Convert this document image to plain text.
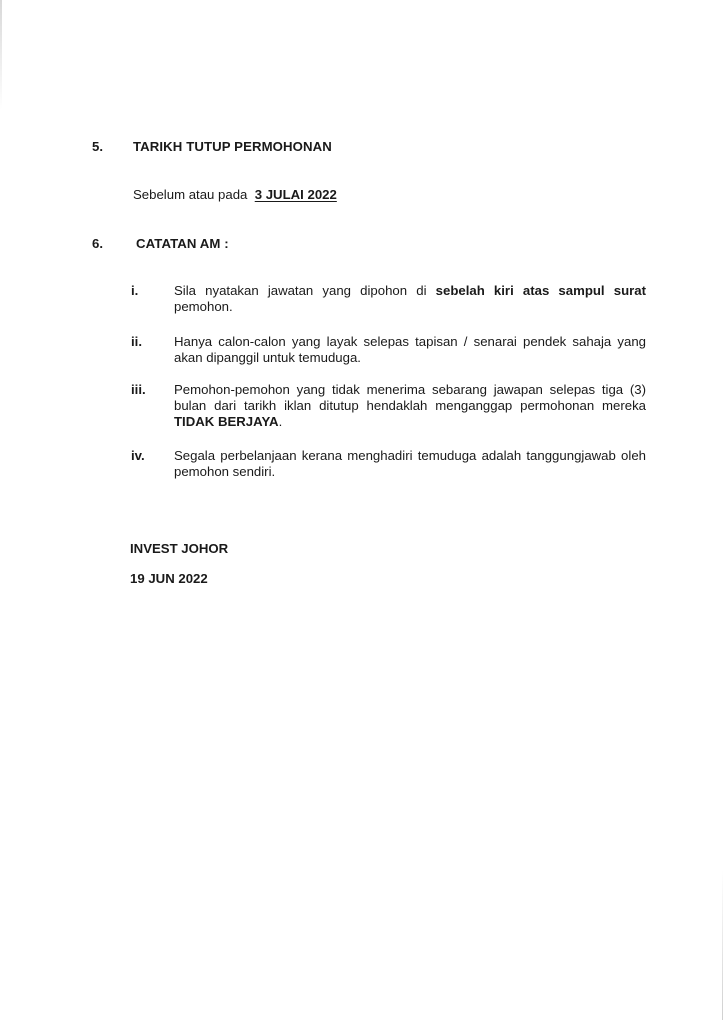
5. TARIKH TUTUP PERMOHONAN
Sebelum atau pada 3 JULAI 2022
6.	CATATAN AM :
i.	Sila nyatakan jawatan yang dipohon di sebelah kiri atas sampul surat pemohon.
ii. Hanya calon-calon yang layak selepas tapisan / senarai pendek sahaja yang akan dipanggil untuk temuduga.
iii. Pemohon-pemohon yang tidak menerima sebarang jawapan selepas tiga (3) bulan dari tarikh iklan ditutup hendaklah menganggap permohonan mereka TIDAK BERJAYA.
iv. Segala perbelanjaan kerana menghadiri temuduga adalah tanggungjawab oleh pemohon sendiri.
INVEST JOHOR
19 JUN 2022
